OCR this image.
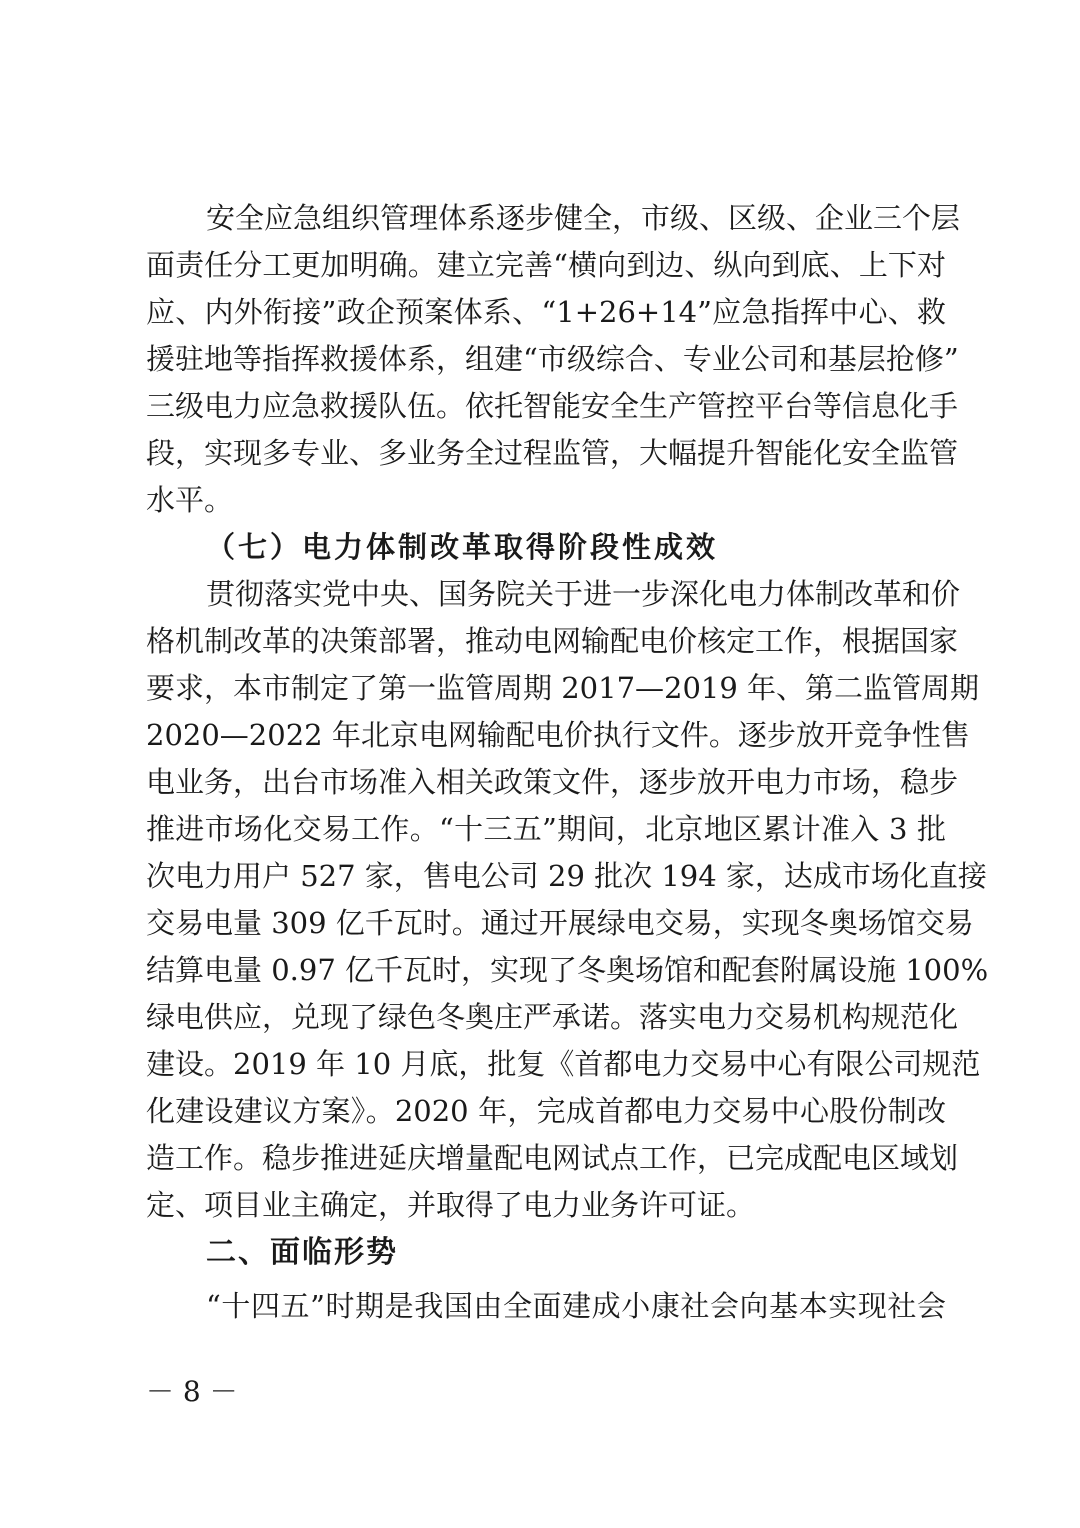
安全应急组织管理体系逐步健全，市级、区级、企业三个层
面责任分工更加明确。建立完善“横向到边、纵向到底、上下对
应、内外衔接”政企预案体系、“1+26+14”应急指挥中心、救
援驻地等指挥救援体系，组建“市级综合、专业公司和基层抢修”
三级电力应急救援队伍。依托智能安全生产管控平台等信息化手
段，实现多专业、多业务全过程监管，大幅提升智能化安全监管
水平。
（七）电力体制改革取得阶段性成效
贯彻落实党中央、国务院关于进一步深化电力体制改革和价
格机制改革的决策部署，推动电网输配电价核定工作，根据国家
要求，本市制定了第一监管周期 2017—2019 年、第二监管周期
2020—2022 年北京电网输配电价执行文件。逐步放开竞争性售
电业务，出台市场准入相关政策文件，逐步放开电力市场，稳步
推进市场化交易工作。“十三五”期间，北京地区累计准入 3 批
次电力用户 527 家，售电公司 29 批次 194 家，达成市场化直接
交易电量 309 亿千瓦时。通过开展绿电交易，实现冬奥场馆交易
结算电量 0.97 亿千瓦时，实现了冬奥场馆和配套附属设施 100%
绿电供应，兑现了绿色冬奥庄严承诺。落实电力交易机构规范化
建设。2019 年 10 月底，批复《首都电力交易中心有限公司规范
化建设建议方案》。2020 年，完成首都电力交易中心股份制改
造工作。稳步推进延庆增量配电网试点工作，已完成配电区域划
定、项目业主确定，并取得了电力业务许可证。
二、面临形势
“十四五”时期是我国由全面建成小康社会向基本实现社会
－ 8 －
